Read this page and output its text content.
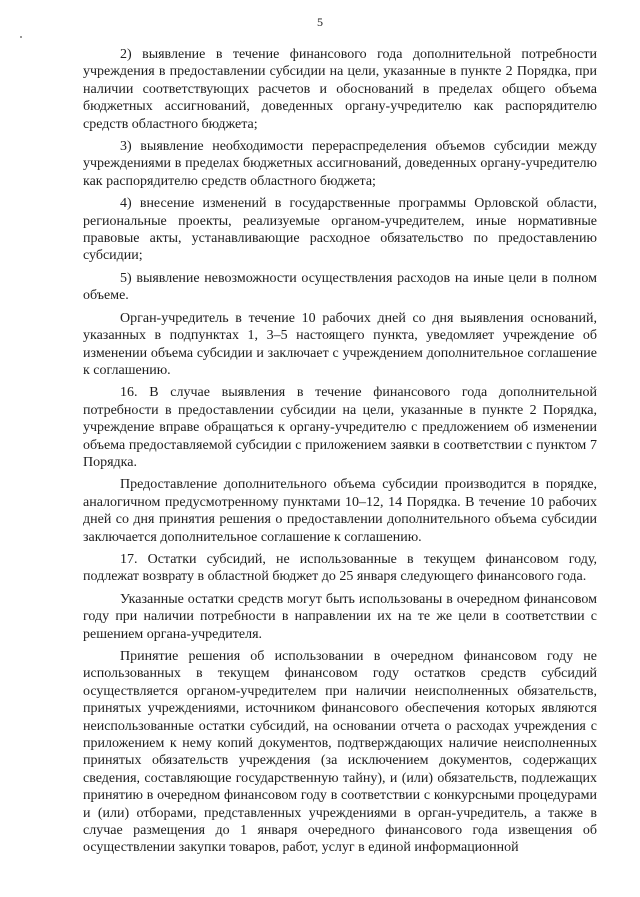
5

2) выявление в течение финансового года дополнительной потребности учреждения в предоставлении субсидии на цели, указанные в пункте 2 Порядка, при наличии соответствующих расчетов и обоснований в пределах общего объема бюджетных ассигнований, доведенных органу-учредителю как распорядителю средств областного бюджета;

3) выявление необходимости перераспределения объемов субсидии между учреждениями в пределах бюджетных ассигнований, доведенных органу-учредителю как распорядителю средств областного бюджета;

4) внесение изменений в государственные программы Орловской области, региональные проекты, реализуемые органом-учредителем, иные нормативные правовые акты, устанавливающие расходное обязательство по предоставлению субсидии;

5) выявление невозможности осуществления расходов на иные цели в полном объеме.

Орган-учредитель в течение 10 рабочих дней со дня выявления оснований, указанных в подпунктах 1, 3–5 настоящего пункта, уведомляет учреждение об изменении объема субсидии и заключает с учреждением дополнительное соглашение к соглашению.

16. В случае выявления в течение финансового года дополнительной потребности в предоставлении субсидии на цели, указанные в пункте 2 Порядка, учреждение вправе обращаться к органу-учредителю с предложением об изменении объема предоставляемой субсидии с приложением заявки в соответствии с пунктом 7 Порядка.

Предоставление дополнительного объема субсидии производится в порядке, аналогичном предусмотренному пунктами 10–12, 14 Порядка. В течение 10 рабочих дней со дня принятия решения о предоставлении дополнительного объема субсидии заключается дополнительное соглашение к соглашению.

17. Остатки субсидий, не использованные в текущем финансовом году, подлежат возврату в областной бюджет до 25 января следующего финансового года.

Указанные остатки средств могут быть использованы в очередном финансовом году при наличии потребности в направлении их на те же цели в соответствии с решением органа-учредителя.

Принятие решения об использовании в очередном финансовом году не использованных в текущем финансовом году остатков средств субсидий осуществляется органом-учредителем при наличии неисполненных обязательств, принятых учреждениями, источником финансового обеспечения которых являются неиспользованные остатки субсидий, на основании отчета о расходах учреждения с приложением к нему копий документов, подтверждающих наличие неисполненных принятых обязательств учреждения (за исключением документов, содержащих сведения, составляющие государственную тайну), и (или) обязательств, подлежащих принятию в очередном финансовом году в соответствии с конкурсными процедурами и (или) отборами, представленных учреждениями в орган-учредитель, а также в случае размещения до 1 января очередного финансового года извещения об осуществлении закупки товаров, работ, услуг в единой информационной
